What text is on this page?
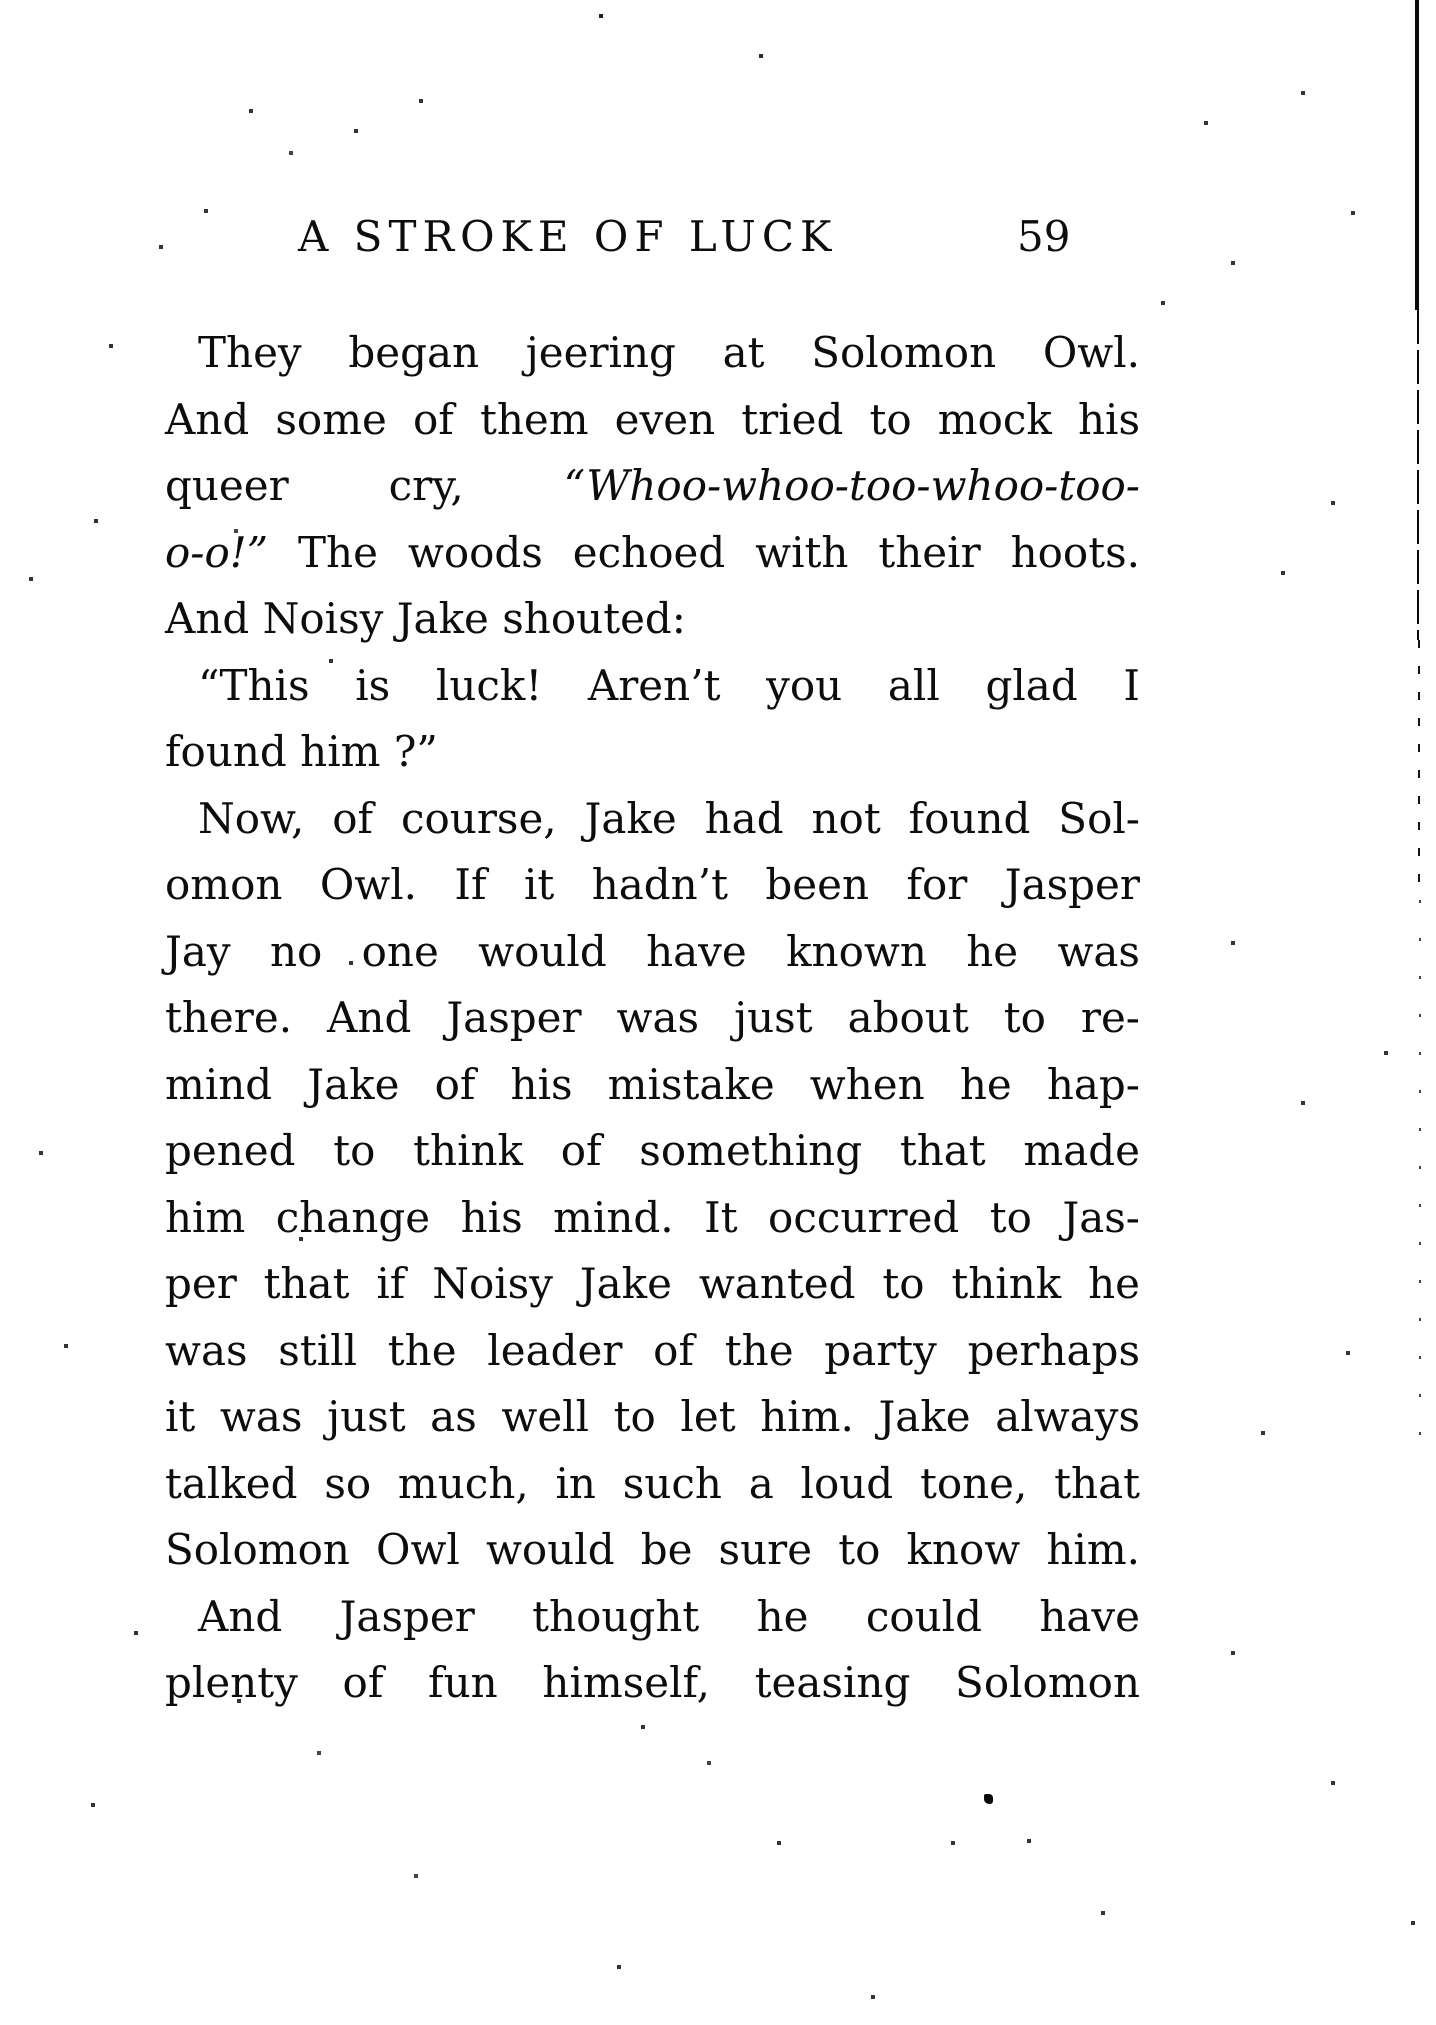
A STROKE OF LUCK	59
They began jeering at Solomon Owl.
And some of them even tried to mock his
queer cry, “Whoo-whoo-too-whoo-too-
o-o!” The woods echoed with their hoots.
And Noisy Jake shouted:
“This is luck! Aren’t you all glad I
found him ?”
Now, of course, Jake had not found Sol-
omon Owl. If it hadn’t been for Jasper
Jay no one would have known he was
there. And Jasper was just about to re-
mind Jake of his mistake when he hap-
pened to think of something that made
him change his mind. It occurred to Jas-
per that if Noisy Jake wanted to think he
was still the leader of the party perhaps
it was just as well to let him. Jake always
talked so much, in such a loud tone, that
Solomon Owl would be sure to know him.
And Jasper thought he could have
plenty of fun himself, teasing Solomon
